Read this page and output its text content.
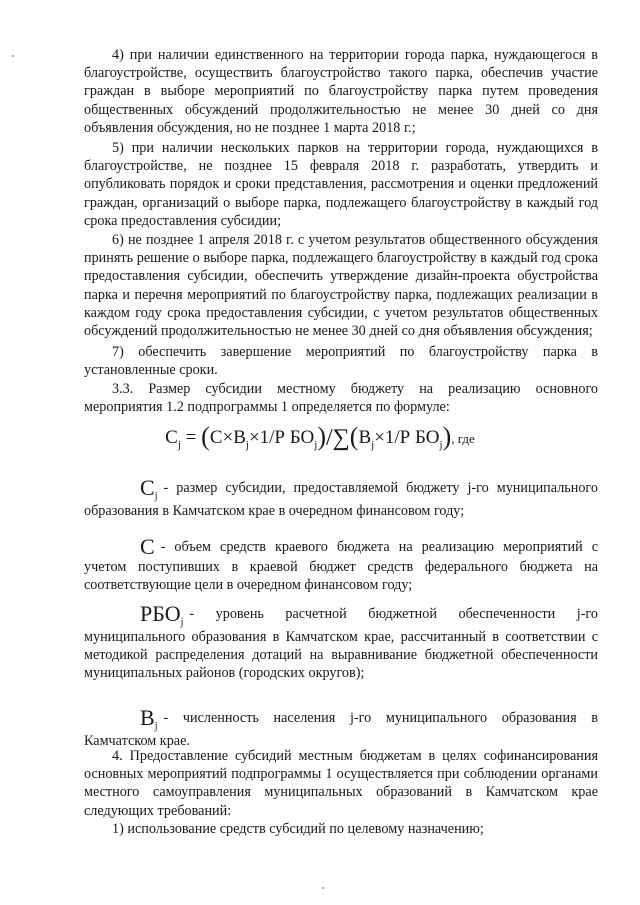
4) при наличии единственного на территории города парка, нуждающегося в благоустройстве, осуществить благоустройство такого парка, обеспечив участие граждан в выборе мероприятий по благоустройству парка путем проведения общественных обсуждений продолжительностью не менее 30 дней со дня объявления обсуждения, но не позднее 1 марта 2018 г.;
5) при наличии нескольких парков на территории города, нуждающихся в благоустройстве, не позднее 15 февраля 2018 г. разработать, утвердить и опубликовать порядок и сроки представления, рассмотрения и оценки предложений граждан, организаций о выборе парка, подлежащего благоустройству в каждый год срока предоставления субсидии;
6) не позднее 1 апреля 2018 г. с учетом результатов общественного обсуждения принять решение о выборе парка, подлежащего благоустройству в каждый год срока предоставления субсидии, обеспечить утверждение дизайн-проекта обустройства парка и перечня мероприятий по благоустройству парка, подлежащих реализации в каждом году срока предоставления субсидии, с учетом результатов общественных обсуждений продолжительностью не менее 30 дней со дня объявления обсуждения;
7) обеспечить завершение мероприятий по благоустройству парка в установленные сроки.
3.3. Размер субсидии местному бюджету на реализацию основного мероприятия 1.2 подпрограммы 1 определяется по формуле:
$С_j = (С\times В_j\times 1/Р$ $БО_j)/\sum(В_j\times 1/Р$ $БО_j$), где
$С_j-$ размер субсидии, предоставляемой бюджету j-го муниципального образования в Камчатском крае в очередном финансовом году;
С - объем средств краевого бюджета на реализацию мероприятий с учетом поступивших в краевой бюджет средств федерального бюджета на соответствующие цели в очередном финансовом году;
$РБО_j-$ уровень расчетной бюджетной обеспеченности j-го муниципального образования в Камчатском крае, рассчитанный в соответствии с методикой распределения дотаций на выравнивание бюджетной обеспеченности муниципальных районов (городских округов);
$В_j-$ численность населения j-го муниципального образования в Камчатском крае.
4. Предоставление субсидий местным бюджетам в целях софинансирования основных мероприятий подпрограммы 1 осуществляется при соблюдении органами местного самоуправления муниципальных образований в Камчатском крае следующих требований:
1) использование средств субсидий по целевому назначению;
